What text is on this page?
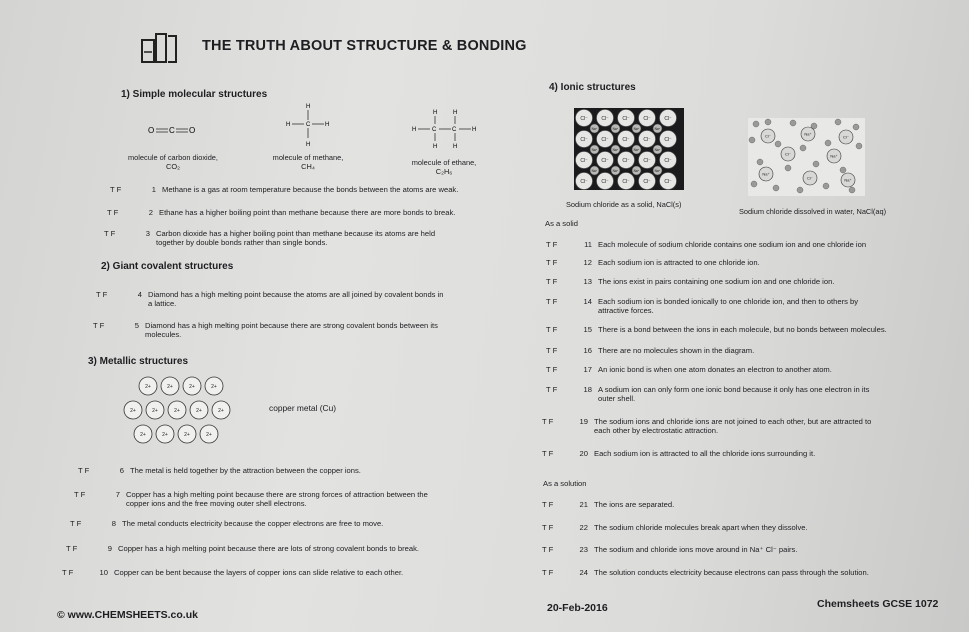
THE TRUTH ABOUT STRUCTURE & BONDING
1) Simple molecular structures
O C O
H
H	C H
H
H	H
H	C	C	H
H	H
molecule of carbon dioxide,
CO₂
molecule of methane,
CH₄	molecule of ethane,
C₂H₆
T F	1 Methane is a gas at room temperature because the bonds between the atoms are weak.
T F	2 Ethane has a higher boiling point than methane because there are more bonds to break.
T F	3 Carbon dioxide has a higher boiling point than methane because its atoms are held
together by double bonds rather than single bonds.
2) Giant covalent structures
T F	4 Diamond has a high melting point because the atoms are all joined by covalent bonds in
a lattice.
T F	5 Diamond has a high melting point because there are strong covalent bonds between its
molecules.
3) Metallic structures
2+	2+	2+	2+
2+	2+	2+	2+	2+
2+	2+	2+	2+
copper metal (Cu)
T F	6 The metal is held together by the attraction between the copper ions.
T F	7 Copper has a high melting point because there are strong forces of attraction between the
copper ions and the free moving outer shell electrons.
T F	8 The metal conducts electricity because the copper electrons are free to move.
T F	9 Copper has a high melting point because there are lots of strong covalent bonds to break.
T F	10 Copper can be bent because the layers of copper ions can slide relative to each other.
4) Ionic structures
Cl⁻	Cl⁻	Cl⁻	Cl⁻	Cl⁻
Cl⁻	Cl⁻	Cl⁻	Cl⁻	Cl⁻
Cl⁻	Cl⁻	Cl⁻	Cl⁻	Cl⁻
Cl⁻	Cl⁻	Cl⁻	Cl⁻	Cl⁻
Na⁺	Na⁺	Na⁺	Na⁺
Na⁺	Na⁺	Na⁺	Na⁺
Na⁺	Na⁺	Na⁺	Na⁺
Cl⁻	Cl⁻
Cl⁻
Cl⁻
Na⁺
Na⁺
Na⁺
Na⁺
Sodium chloride as a solid, NaCl(s)
Sodium chloride dissolved in water, NaCl(aq)
As a solid
T F	11 Each molecule of sodium chloride contains one sodium ion and one chloride ion
T F	12 Each sodium ion is attracted to one chloride ion.
T F	13 The ions exist in pairs containing one sodium ion and one chloride ion.
T F	14 Each sodium ion is bonded ionically to one chloride ion, and then to others by
attractive forces.
T F	15 There is a bond between the ions in each molecule, but no bonds between molecules.
T F	16 There are no molecules shown in the diagram.
T F	17 An ionic bond is when one atom donates an electron to another atom.
T F	18 A sodium ion can only form one ionic bond because it only has one electron in its
outer shell.
T F	19 The sodium ions and chloride ions are not joined to each other, but are attracted to
each other by electrostatic attraction.
T F	20 Each sodium ion is attracted to all the chloride ions surrounding it.
As a solution
T F	21 The ions are separated.
T F	22 The sodium chloride molecules break apart when they dissolve.
T F	23 The sodium and chloride ions move around in Na⁺ Cl⁻ pairs.
T F	24 The solution conducts electricity because electrons can pass through the solution.
© www.CHEMSHEETS.co.uk
20-Feb-2016	Chemsheets GCSE 1072
